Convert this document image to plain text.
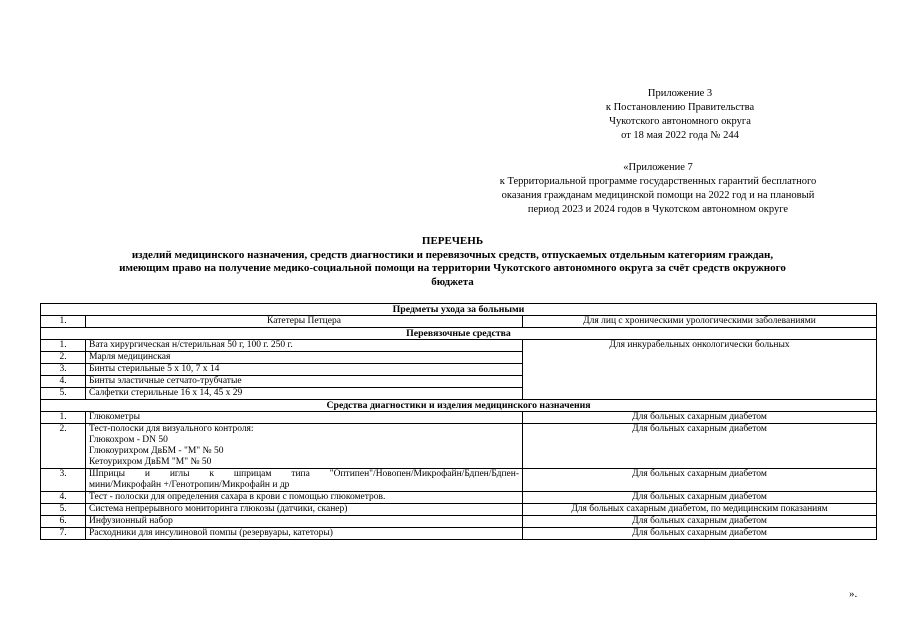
Приложение 3
к Постановлению Правительства
Чукотского автономного округа
от 18 мая 2022 года № 244
«Приложение 7
к Территориальной программе государственных гарантий бесплатного
оказания гражданам медицинской помощи на 2022 год и на плановый
период 2023 и 2024 годов в Чукотском автономном округе
ПЕРЕЧЕНЬ
изделий медицинского назначения, средств диагностики и перевязочных средств, отпускаемых отдельным категориям граждан,
имеющим право на получение медико-социальной помощи на территории Чукотского автономного округа за счёт средств окружного
бюджета
Предметы ухода за больными		
1.	Катетеры Петцера	Для лиц с хроническими урологическими заболеваниями
Перевязочные средства		
1.	Вата хирургическая н/стерильная 50 г, 100 г. 250 г.	Для инкурабельных онкологически больных
2.	Марля медицинская	
3.	Бинты стерильные 5 х 10, 7 х 14	
4.	Бинты эластичные сетчато-трубчатые	
5.	Салфетки стерильные 16 х 14, 45 х 29	
Средства диагностики и изделия медицинского назначения		
1.	Глюкометры	Для больных сахарным диабетом
2.	Тест-полоски для визуального контроля:
Глюкохром - DN 50
Глюкоурихром ДвБМ - "М" № 50
Кетоурихром ДвБМ "М" № 50	Для больных сахарным диабетом
3.	Шприцы и иглы к шприцам типа "Оптипен"/Новопен/Микрофайн/Бдпен/Бдпен-
мини/Микрофайн +/Генотропин/Микрофайн и др	Для больных сахарным диабетом
4.	Тест - полоски для определения сахара в крови с помощью глюкометров.	Для больных сахарным диабетом
5.	Система непрерывного мониторинга глюкозы (датчики, сканер)	Для больных сахарным диабетом, по медицинским показаниям
6.	Инфузионный набор	Для больных сахарным диабетом
7.	Расходники для инсулиновой помпы (резервуары, катеторы)	Для больных сахарным диабетом
».
